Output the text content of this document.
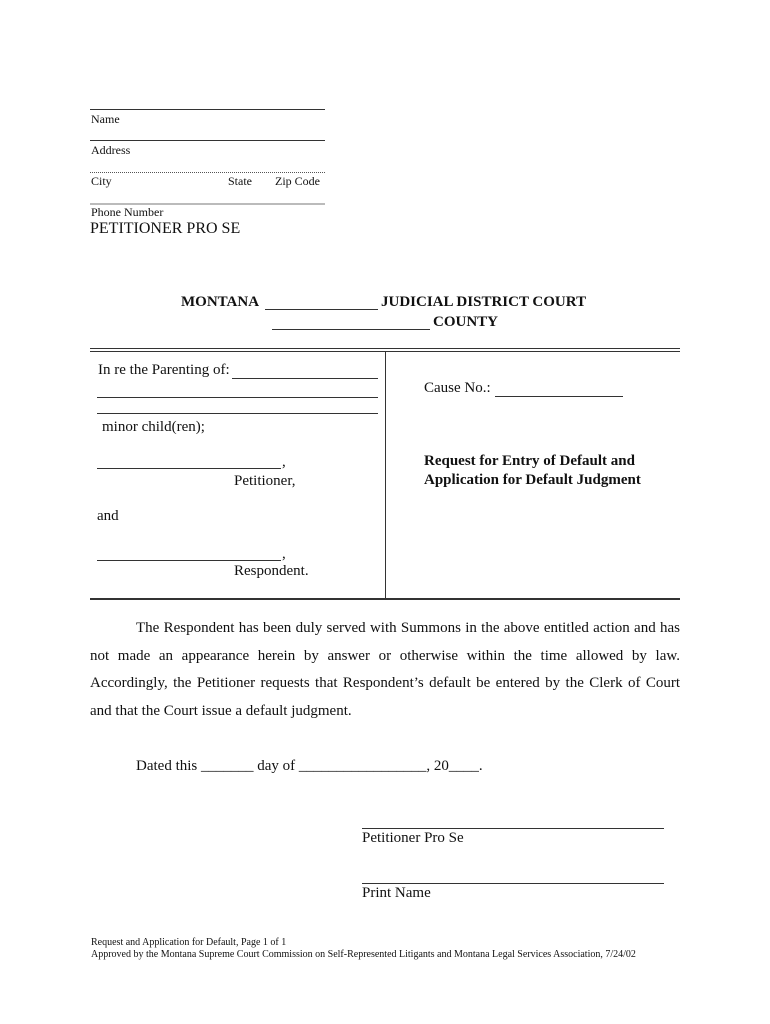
Name
Address
City	State Zip Code
Phone Number
PETITIONER PRO SE
MONTANA	JUDICIAL DISTRICT COURT
COUNTY
In re the Parenting of:
minor child(ren);
,
Petitioner,
and
,
Respondent.
Cause No.:
Request for Entry of Default and
Application for Default Judgment
The Respondent has been duly served with Summons in the above entitled action and has not made an appearance herein by answer or otherwise within the time allowed by law. Accordingly, the Petitioner requests that Respondent’s default be entered by the Clerk of Court and that the Court issue a default judgment.
Dated this _______ day of _________________, 20____.
Petitioner Pro Se
Print Name
Request and Application for Default, Page 1 of 1
Approved by the Montana Supreme Court Commission on Self-Represented Litigants and Montana Legal Services Association, 7/24/02
